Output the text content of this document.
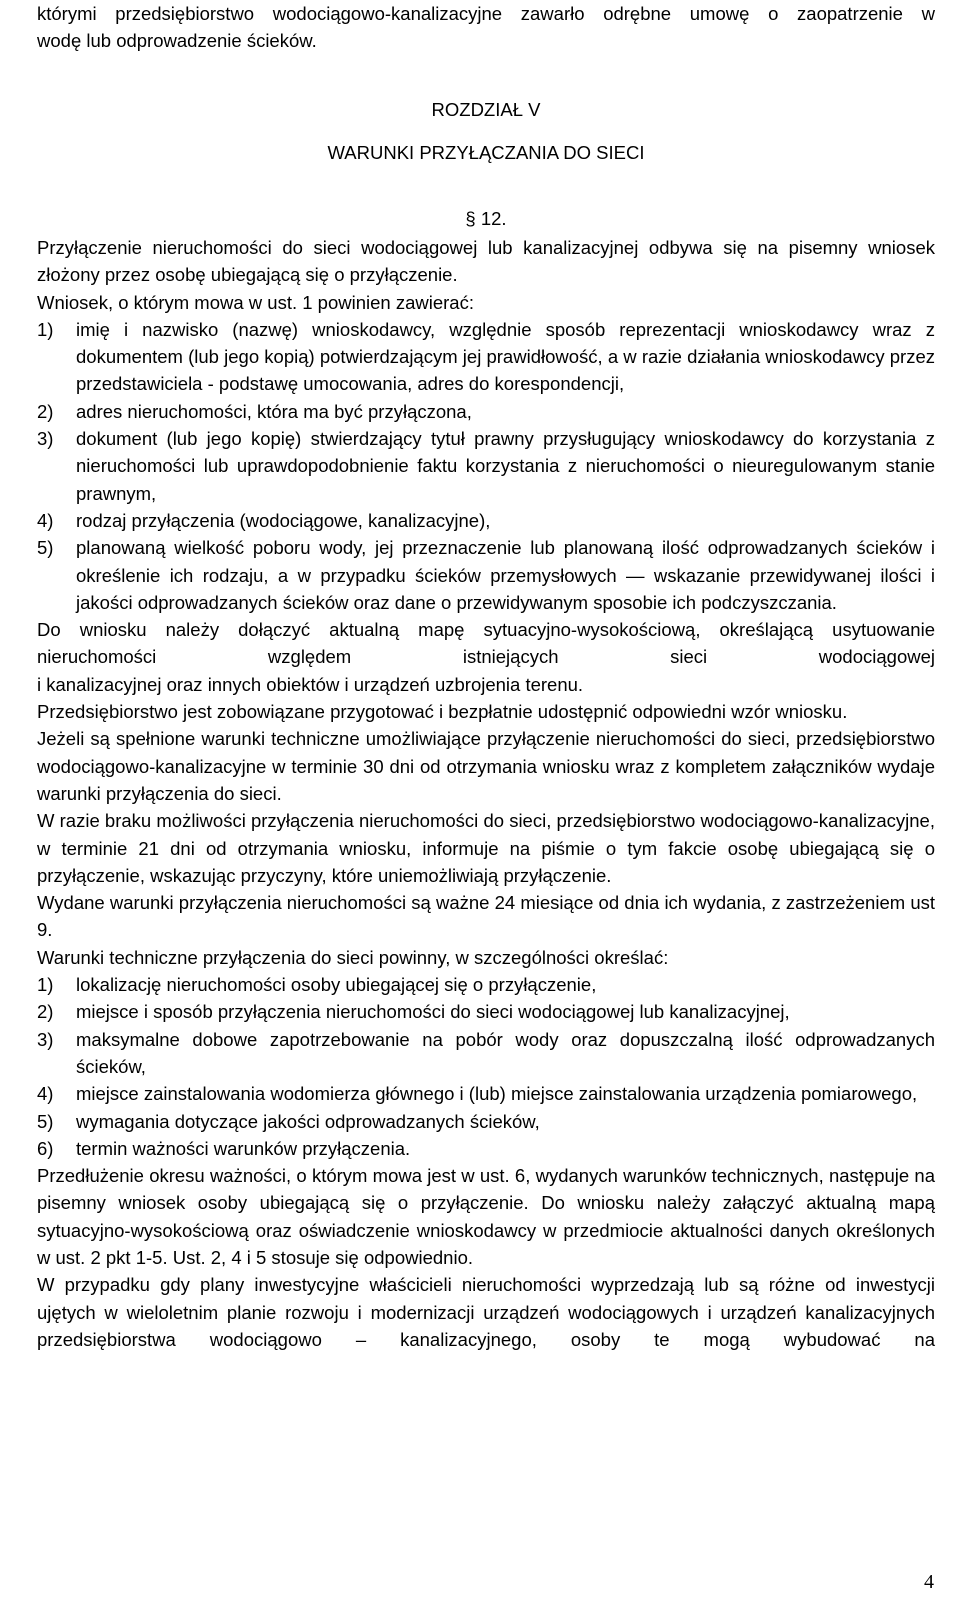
którymi przedsiębiorstwo wodociągowo-kanalizacyjne zawarło odrębne umowę o zaopatrzenie w
wodę lub odprowadzenie ścieków.
ROZDZIAŁ V
WARUNKI PRZYŁĄCZANIA DO SIECI
§ 12.
Przyłączenie nieruchomości do sieci wodociągowej lub kanalizacyjnej odbywa się na pisemny wniosek złożony przez osobę ubiegającą się o przyłączenie.
Wniosek, o którym mowa w ust. 1 powinien zawierać:
1)	imię i nazwisko (nazwę) wnioskodawcy, względnie sposób reprezentacji wnioskodawcy wraz z dokumentem (lub jego kopią) potwierdzającym jej prawidłowość, a w razie działania wnioskodawcy przez przedstawiciela - podstawę umocowania, adres do korespondencji,
2)	adres nieruchomości, która ma być przyłączona,
3)	dokument (lub jego kopię) stwierdzający tytuł prawny przysługujący wnioskodawcy do korzystania z nieruchomości lub uprawdopodobnienie faktu korzystania z nieruchomości o nieuregulowanym stanie prawnym,
4)	rodzaj przyłączenia (wodociągowe, kanalizacyjne),
5)	planowaną wielkość poboru wody, jej przeznaczenie lub planowaną ilość odprowadzanych ścieków i określenie ich rodzaju, a w przypadku ścieków przemysłowych — wskazanie przewidywanej ilości i jakości odprowadzanych ścieków oraz dane o przewidywanym sposobie ich podczyszczania.
Do wniosku należy dołączyć aktualną mapę sytuacyjno-wysokościową, określającą usytuowanie
nieruchomości względem istniejących sieci wodociągowej
i kanalizacyjnej oraz innych obiektów i urządzeń uzbrojenia terenu.
Przedsiębiorstwo jest zobowiązane przygotować i bezpłatnie udostępnić odpowiedni wzór wniosku.
Jeżeli są spełnione warunki techniczne umożliwiające przyłączenie nieruchomości do sieci, przedsiębiorstwo wodociągowo-kanalizacyjne w terminie 30 dni od otrzymania wniosku wraz z kompletem załączników wydaje warunki przyłączenia do sieci.
W razie braku możliwości przyłączenia nieruchomości do sieci, przedsiębiorstwo wodociągowo-kanalizacyjne, w terminie 21 dni od otrzymania wniosku, informuje na piśmie o tym fakcie osobę ubiegającą się o przyłączenie, wskazując przyczyny, które uniemożliwiają przyłączenie.
Wydane warunki przyłączenia nieruchomości są ważne 24 miesiące od dnia ich wydania, z zastrzeżeniem ust 9.
Warunki techniczne przyłączenia do sieci powinny, w szczególności określać:
1)	lokalizację nieruchomości osoby ubiegającej się o przyłączenie,
2)	miejsce i sposób przyłączenia nieruchomości do sieci wodociągowej lub kanalizacyjnej,
3)	maksymalne dobowe zapotrzebowanie na pobór wody oraz dopuszczalną ilość odprowadzanych ścieków,
4)	miejsce zainstalowania wodomierza głównego i (lub) miejsce zainstalowania urządzenia pomiarowego,
5)	wymagania dotyczące jakości odprowadzanych ścieków,
6)	termin ważności warunków przyłączenia.
Przedłużenie okresu ważności, o którym mowa jest w ust. 6, wydanych warunków technicznych, następuje na pisemny wniosek osoby ubiegającą się o przyłączenie. Do wniosku należy załączyć aktualną mapą sytuacyjno-wysokościową oraz oświadczenie wnioskodawcy w przedmiocie aktualności danych określonych w ust. 2 pkt 1-5. Ust. 2, 4 i 5 stosuje się odpowiednio.
W przypadku gdy plany inwestycyjne właścicieli nieruchomości wyprzedzają lub są różne od inwestycji ujętych w wieloletnim planie rozwoju i modernizacji urządzeń wodociągowych i urządzeń kanalizacyjnych przedsiębiorstwa wodociągowo – kanalizacyjnego, osoby te mogą wybudować na
4
